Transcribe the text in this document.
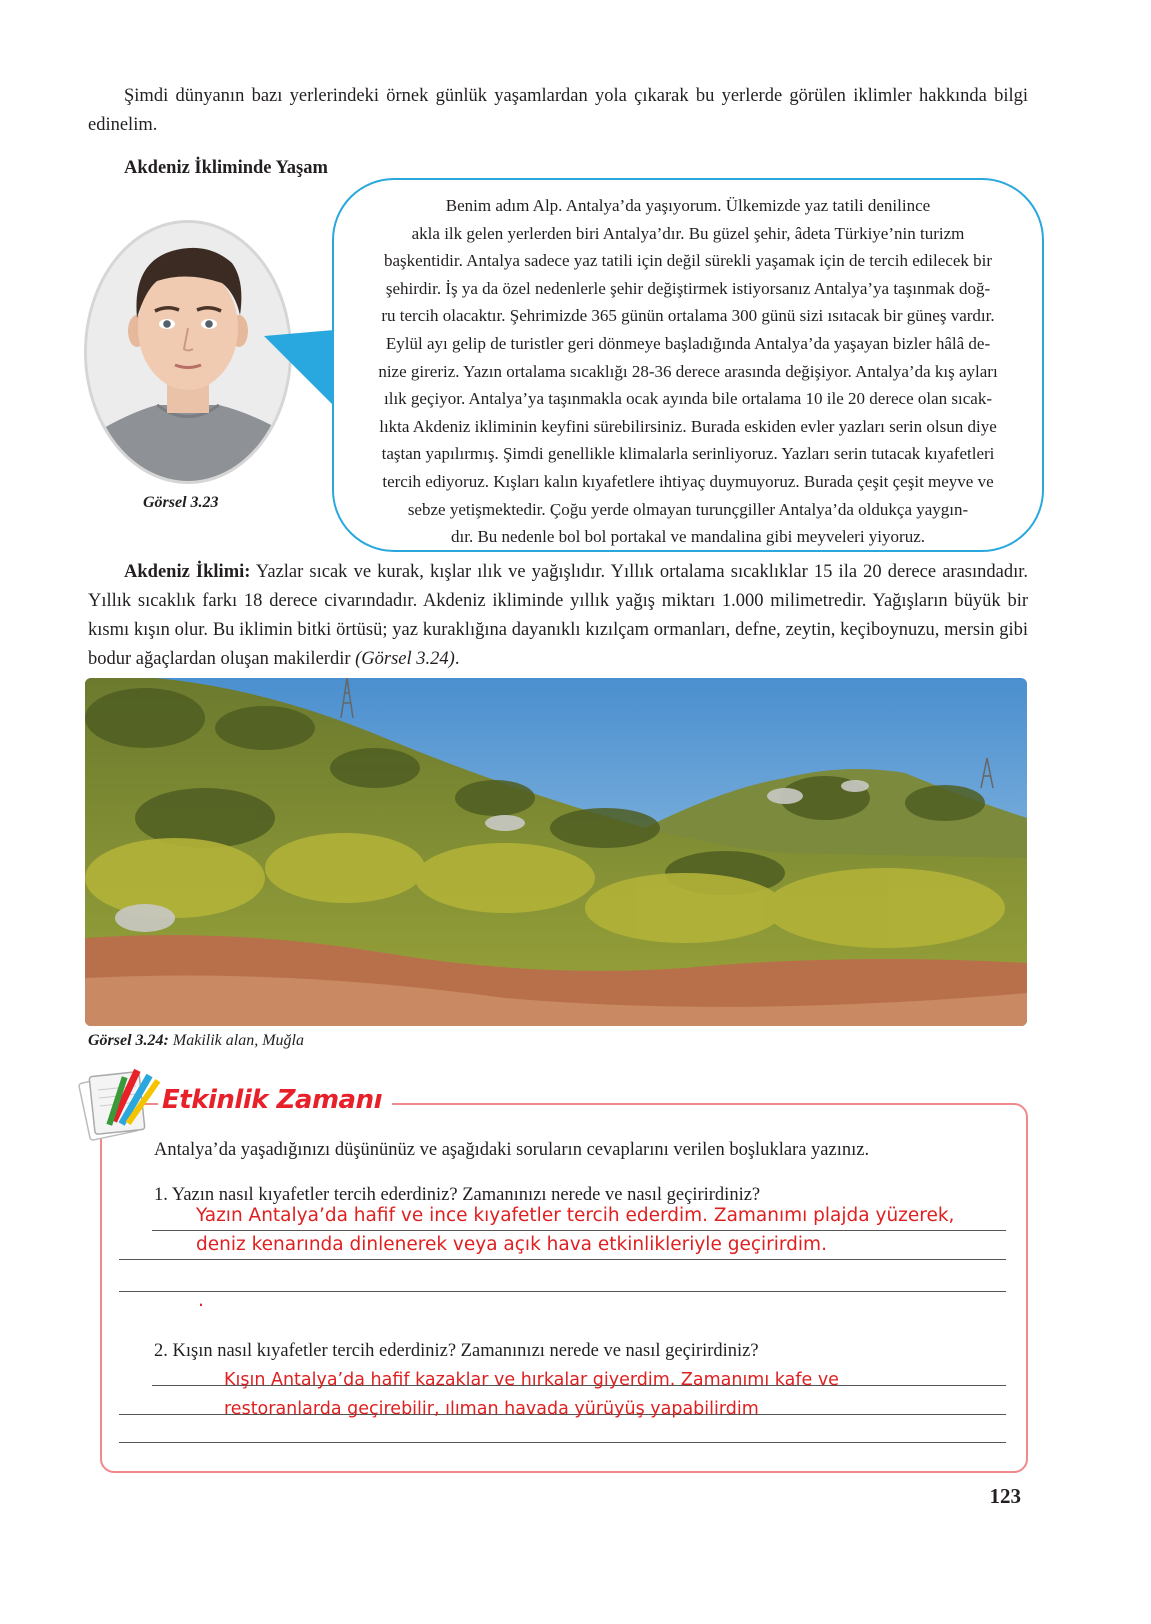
Şimdi dünyanın bazı yerlerindeki örnek günlük yaşamlardan yola çıkarak bu yerlerde görülen iklimler hakkında bilgi edinelim.
Akdeniz İkliminde Yaşam
Benim adım Alp. Antalya’da yaşıyorum. Ülkemizde yaz tatili denilince
akla ilk gelen yerlerden biri Antalya’dır. Bu güzel şehir, âdeta Türkiye’nin turizm
başkentidir. Antalya sadece yaz tatili için değil sürekli yaşamak için de tercih edilecek bir
şehirdir. İş ya da özel nedenlerle şehir değiştirmek istiyorsanız Antalya’ya taşınmak doğ-
ru tercih olacaktır. Şehrimizde 365 günün ortalama 300 günü sizi ısıtacak bir güneş vardır.
Eylül ayı gelip de turistler geri dönmeye başladığında Antalya’da yaşayan bizler hâlâ de-
nize gireriz. Yazın ortalama sıcaklığı 28-36 derece arasında değişiyor. Antalya’da kış ayları
ılık geçiyor. Antalya’ya taşınmakla ocak ayında bile ortalama 10 ile 20 derece olan sıcak-
lıkta Akdeniz ikliminin keyfini sürebilirsiniz. Burada eskiden evler yazları serin olsun diye
taştan yapılırmış. Şimdi genellikle klimalarla serinliyoruz. Yazları serin tutacak kıyafetleri
tercih ediyoruz. Kışları kalın kıyafetlere ihtiyaç duymuyoruz. Burada çeşit çeşit meyve ve
sebze yetişmektedir. Çoğu yerde olmayan turunçgiller Antalya’da oldukça yaygın-
dır. Bu nedenle bol bol portakal ve mandalina gibi meyveleri yiyoruz.
Görsel 3.23
Akdeniz İklimi: Yazlar sıcak ve kurak, kışlar ılık ve yağışlıdır. Yıllık ortalama sıcaklıklar 15 ila 20 derece arasındadır. Yıllık sıcaklık farkı 18 derece civarındadır. Akdeniz ikliminde yıllık yağış miktarı 1.000 milimetredir. Yağışların büyük bir kısmı kışın olur. Bu iklimin bitki örtüsü; yaz kuraklığına dayanıklı kızılçam ormanları, defne, zeytin, keçiboynuzu, mersin gibi bodur ağaçlardan oluşan makilerdir (Görsel 3.24).
Görsel 3.24: Makilik alan, Muğla
Etkinlik Zamanı
Antalya’da yaşadığınızı düşününüz ve aşağıdaki soruların cevaplarını verilen boşluklara yazınız.
1. Yazın nasıl kıyafetler tercih ederdiniz? Zamanınızı nerede ve nasıl geçirirdiniz?
Yazın Antalya’da hafif ve ince kıyafetler tercih ederdim. Zamanımı plajda yüzerek,
deniz kenarında dinlenerek veya açık hava etkinlikleriyle geçirirdim.
.
2. Kışın nasıl kıyafetler tercih ederdiniz? Zamanınızı nerede ve nasıl geçirirdiniz?
Kışın Antalya’da hafif kazaklar ve hırkalar giyerdim. Zamanımı kafe ve
restoranlarda geçirebilir, ılıman havada yürüyüş yapabilirdim
123
